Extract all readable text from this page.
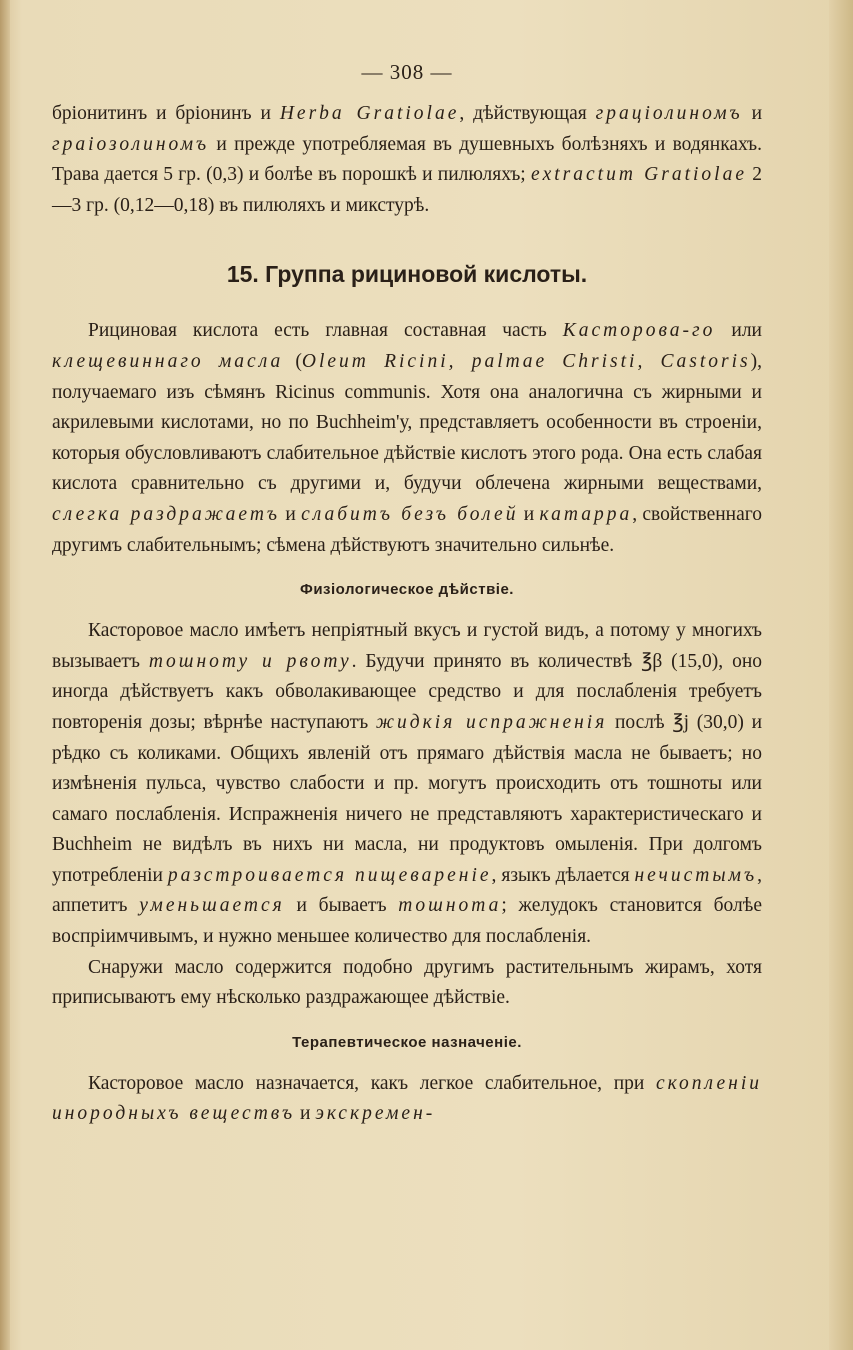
— 308 —

бріонитинъ и бріонинъ и Herba Gratiolae, дѣйствующая граціолиномъ и граіозолиномъ и прежде употребляемая въ душевныхъ болѣзняхъ и водянкахъ. Трава дается 5 гр. (0,3) и болѣе въ порошкѣ и пилюляхъ; extractum Gratiolae 2—3 гр. (0,12—0,18) въ пилюляхъ и микстурѣ.

15. Группа рициновой кислоты.

Рициновая кислота есть главная составная часть Касторова-го или клещевиннаго масла (Oleum Ricini, palmae Christi, Castoris), получаемаго изъ сѣмянъ Ricinus communis. Хотя она аналогична съ жирными и акрилевыми кислотами, но по Buchheim'у, представляетъ особенности въ строеніи, которыя обусловливаютъ слабительное дѣйствіе кислотъ этого рода. Она есть слабая кислота сравнительно съ другими и, будучи облечена жирными веществами, слегка раздражаетъ и слабитъ безъ болей и катарра, свойственнаго другимъ слабительнымъ; сѣмена дѣйствуютъ значительно сильнѣе.

Физіологическое дѣйствіе.

Касторовое масло имѣетъ непріятный вкусъ и густой видъ, а потому у многихъ вызываетъ тошноту и рвоту. Будучи принято въ количествѣ ℥β (15,0), оно иногда дѣйствуетъ какъ обволакивающее средство и для послабленія требуетъ повторенія дозы; вѣрнѣе наступаютъ жидкія испражненія послѣ ℥j (30,0) и рѣдко съ коликами. Общихъ явленій отъ прямаго дѣйствія масла не бываетъ; но измѣненія пульса, чувство слабости и пр. могутъ происходить отъ тошноты или самаго послабленія. Испражненія ничего не представляютъ характеристическаго и Buchheim не видѣлъ въ нихъ ни масла, ни продуктовъ омыленія. При долгомъ употребленіи разстроивается пищевареніе, языкъ дѣлается нечистымъ, аппетитъ уменьшается и бываетъ тошнота; желудокъ становится болѣе воспріимчивымъ, и нужно меньшее количество для послабленія.

Снаружи масло содержится подобно другимъ растительнымъ жирамъ, хотя приписываютъ ему нѣсколько раздражающее дѣйствіе.

Терапевтическое назначеніе.

Касторовое масло назначается, какъ легкое слабительное, при скопленіи инородныхъ веществъ и экскремен-
